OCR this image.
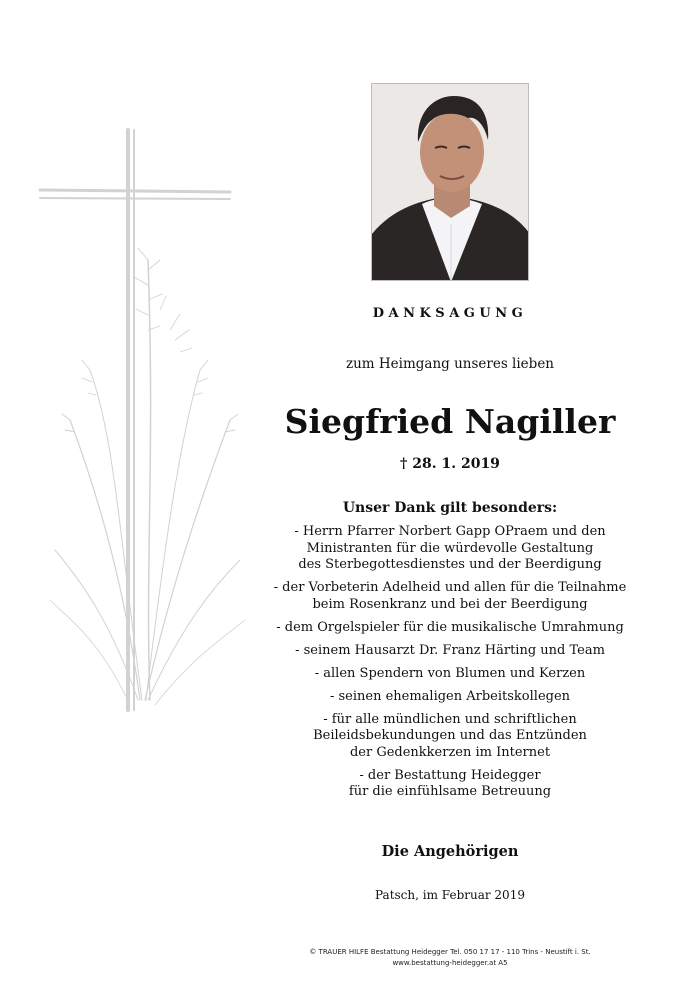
DANKSAGUNG
zum Heimgang unseres lieben
Siegfried Nagiller
† 28. 1. 2019
Unser Dank gilt besonders:
- Herrn Pfarrer Norbert Gapp OPraem und den
Ministranten für die würdevolle Gestaltung
des Sterbegottesdienstes und der Beerdigung
- der Vorbeterin Adelheid und allen für die Teilnahme
beim Rosenkranz und bei der Beerdigung
- dem Orgelspieler für die musikalische Umrahmung
- seinem Hausarzt Dr. Franz Härting und Team
- allen Spendern von Blumen und Kerzen
- seinen ehemaligen Arbeitskollegen
- für alle mündlichen und schriftlichen
Beileidsbekundungen und das Entzünden
der Gedenkkerzen im Internet
- der Bestattung Heidegger
für die einfühlsame Betreuung
Die Angehörigen
Patsch, im Februar 2019
© TRAUER HILFE Bestattung Heidegger Tel. 050 17 17 - 110 Trins - Neustift i. St.
www.bestattung-heidegger.at A5
